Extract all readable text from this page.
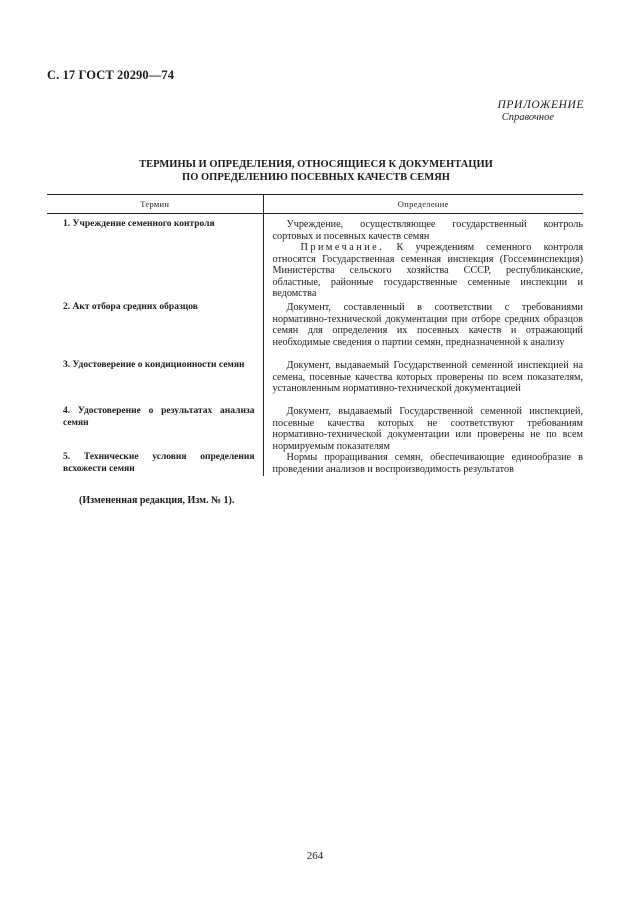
С. 17 ГОСТ 20290—74
ПРИЛОЖЕНИЕ
Справочное
ТЕРМИНЫ И ОПРЕДЕЛЕНИЯ, ОТНОСЯЩИЕСЯ К ДОКУМЕНТАЦИИ
ПО ОПРЕДЕЛЕНИЮ ПОСЕВНЫХ КАЧЕСТВ СЕМЯН
Термин	Определение
1. Учреждение семенного контроля	Учреждение, осуществляющее государственный контроль сортовых и посевных качеств семян
Примечание. К учреждениям семенного контроля относятся Государственная семенная инспекция (Госсеминспекция) Министерства сельского хозяйства СССР, республиканские, областные, районные государственные семенные инспекции и ведомства

2. Акт отбора средних образцов	Документ, составленный в соответствии с требованиями нормативно-технической документации при отборе средних образцов семян для определения их посевных качеств и отражающий необходимые сведения о партии семян, предназначенной к анализу
3. Удостоверение о кондиционности семян	Документ, выдаваемый Государственной семенной инспекцией на семена, посевные качества которых проверены по всем показателям, установленным нормативно-технической документацией
4. Удостоверение о результатах анализа семян	Документ, выдаваемый Государственной семенной инспекцией, посевные качества которых не соответствуют требованиям нормативно-технической документации или проверены не по всем нормируемым показателям
5. Технические условия определения всхожести семян	Нормы проращивания семян, обеспечивающие единообразие в проведении анализов и воспроизводимость результатов
(Измененная редакция, Изм. № 1).
264
